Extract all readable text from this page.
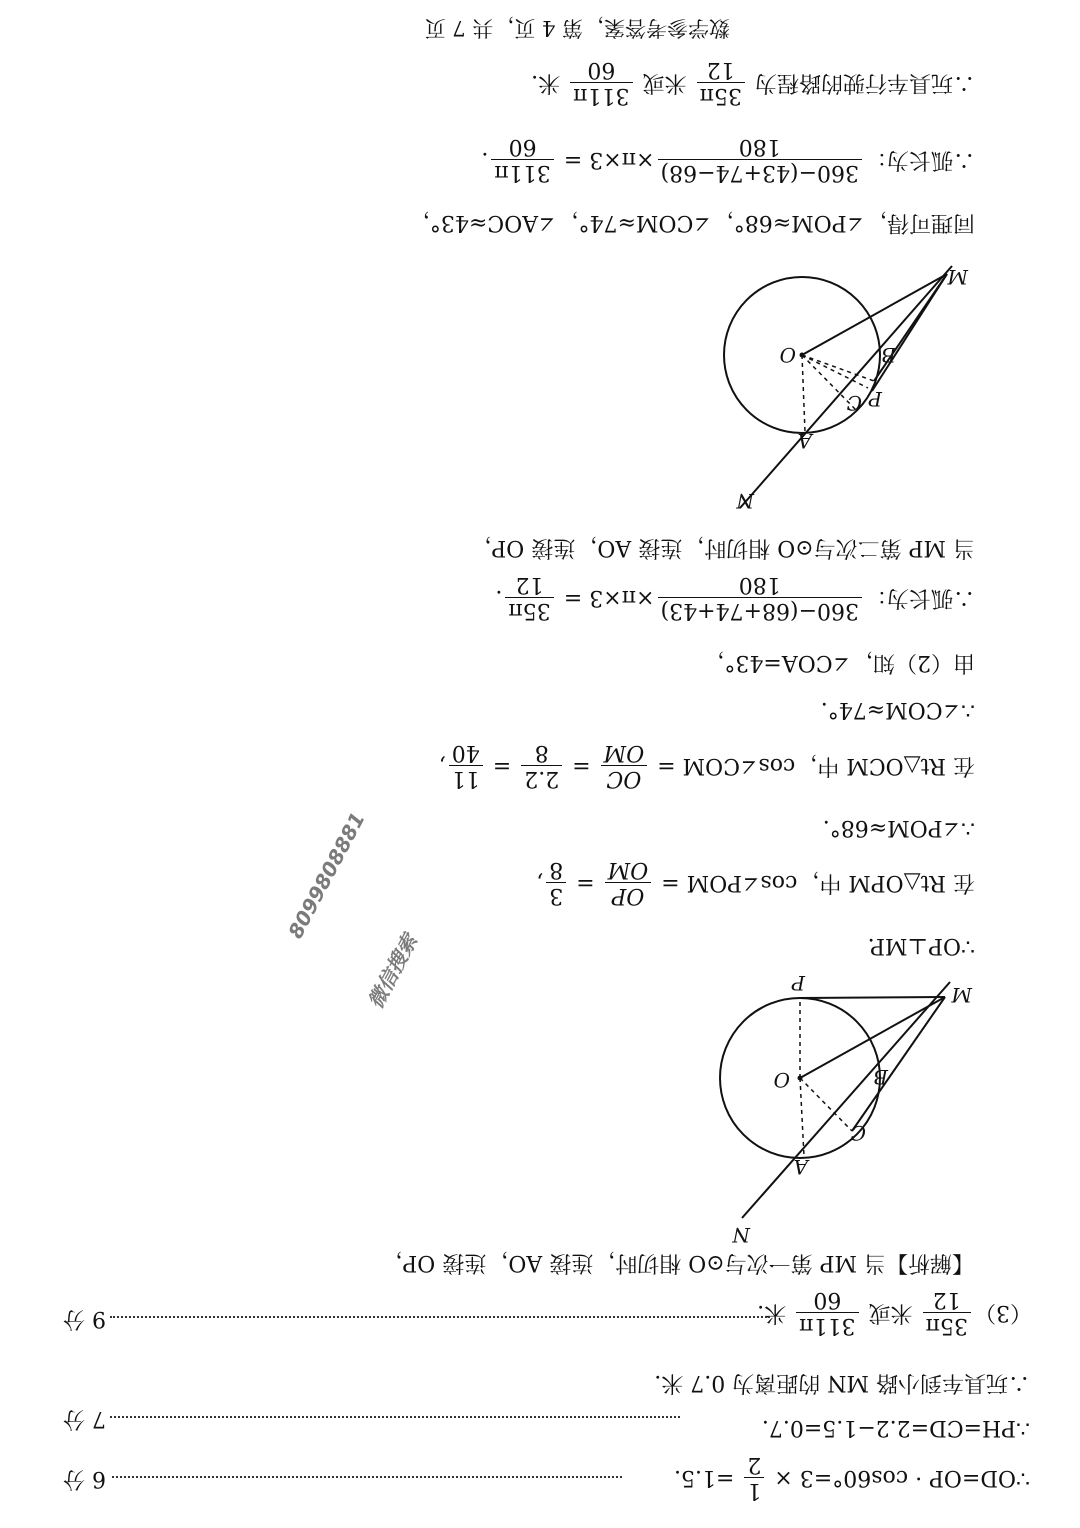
∵OD=OP · cos60°=3 ×
1
2
=1.5.
6 分
∴PH=CD=2.2−1.5=0.7.
7 分
∴玩具车到小路 MN 的距离为 0.7 米.
（3）
35π
12
米或
311π
60
米.
9 分
【解析】当 MP 第一次与⊙O 相切时，连接 AO，连接 OP，
M
N
O
A
B
C
P
∵OP⊥MP.
在 Rt△OPM 中，cos∠POM =
OP
OM
=
3
8
,
∴∠POM≈68°.
在 Rt△OCM 中，cos∠COM =
OC
OM
=
2.2
8
=
11
40
,
∴∠COM≈74°.
由（2）知，∠COA=43°，
∴弧长为：
360−(68+74+43)
180
×π×3 =
35π
12
.
当 MP 第二次与⊙O 相切时，连接 AO，连接 OP，
M
N
O
A
B
C P
同理可得，∠POM≈68°，∠COM≈74°，∠AOC≈43°，
∴弧长为：
360−(43+74−68)
180
×π×3 =
311π
60
.
∴玩具车行驶的路程为
35π
12
米或
311π
60
米.
数学参考答案，第 4 页，共 7 页
8099808881
微信搜索
